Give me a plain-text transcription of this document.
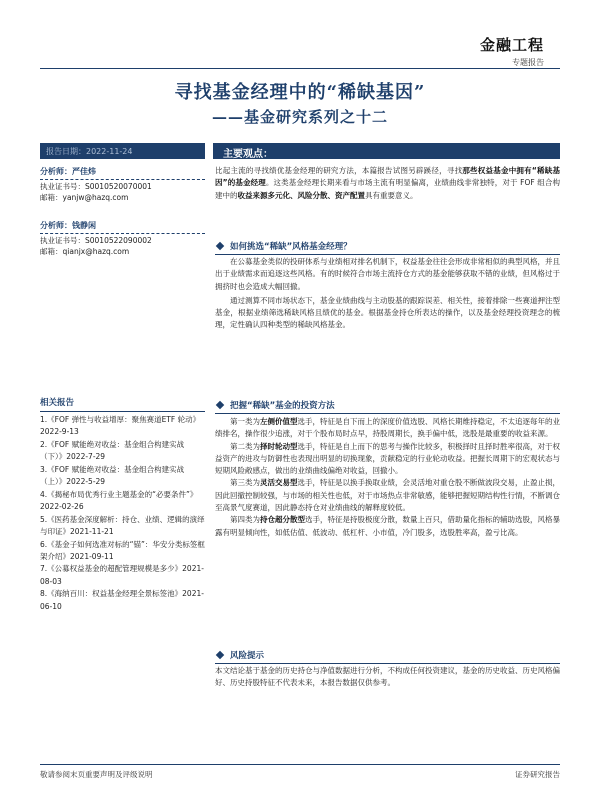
金融工程
专题报告
寻找基金经理中的“稀缺基因”
——基金研究系列之十二
报告日期：2022-11-24	主要观点：
分析师：严佳炜
执业证书号：S0010520070001
邮箱：yanjw@hazq.com
分析师：钱静闲
执业证书号：S0010522090002
邮箱：qianjx@hazq.com
相关报告
1.《FOF 弹性与收益增厚：聚焦赛道ETF 轮动》2022-9-13
2.《FOF 赋能绝对收益：基金组合构建实战（下）》2022-7-29
3.《FOF 赋能绝对收益：基金组合构建实战（上）》2022-5-29
4.《揭秘布局优秀行业主题基金的“必要条件”》2022-02-26
5.《医药基金深度解析：持仓、业绩、逻辑的演绎与印证》2021-11-21
6.《基金子如何选准对标的“锚”：华安分类标签框架介绍》2021-09-11
7.《公募权益基金的超配管理规模是多少》2021-08-03
8.《海纳百川：权益基金经理全景标签池》2021-06-10

比起主流的寻找绩优基金经理的研究方法，本篇报告试图另辟蹊径，寻找那些权益基金中拥有“稀缺基因”的基金经理。这类基金经理长期来看与市场主流有明显偏离，业绩曲线非常独特，对于 FOF 组合构建中的收益来源多元化、风险分散、资产配置具有重要意义。

如何挑选“稀缺”风格基金经理？

在公募基金类似的投研体系与业绩相对排名机制下，权益基金往往会形成非常相似的典型风格，并且出于业绩需求而追逐这些风格。有的时候符合市场主流持仓方式的基金能够获取不错的业绩，但风格过于拥挤时也会造成大幅回撤。

通过测算不同市场状态下，基金业绩曲线与主动股基的跟踪误差、相关性，接着排除一些赛道押注型基金，根据业绩筛选稀缺风格且绩优的基金。根据基金持仓所表达的操作，以及基金经理投资理念的梳理，定性确认四种类型的稀缺风格基金。

把握“稀缺”基金的投资方法

第一类为左侧价值型选手，特征是自下而上的深度价值选股、风格长期维持稳定，不太追逐每年的业绩排名，操作很少追涨，对于个股布局时点早，持股周期长，换手偏中低，选股是最重要的收益来源。

第二类为择时轮动型选手，特征是自上而下的思考与操作比较多，积极择时且择时胜率很高，对于权益资产的进攻与防御性也表现出明显的切换现象，贡献稳定的行业轮动收益。把握长周期下的宏观状态与短期风险敞感点，做出的业绩曲线偏绝对收益，回撤小。

第三类为灵活交易型选手，特征是以换手换取业绩，会灵活地对重仓股不断做波段交易，止盈止损，因此回撤控制较强，与市场的相关性也低，对于市场热点非常敏感，能够把握短期结构性行情，不断调仓至高景气度赛道，因此静态持仓对业绩曲线的解释度较低。

第四类为持仓超分散型选手，特征是持股极度分散，数量上百只，借助量化指标的辅助选股，风格暴露有明显倾向性，如低估值、低波动、低杠杆、小市值，冷门股多，选股胜率高，盈亏比高。

风险提示

本文结论基于基金的历史持仓与净值数据进行分析，不构成任何投资建议，基金的历史收益、历史风格偏好、历史持股特征不代表未来，本报告数据仅供参考。

敬请参阅末页重要声明及评级说明	证券研究报告
